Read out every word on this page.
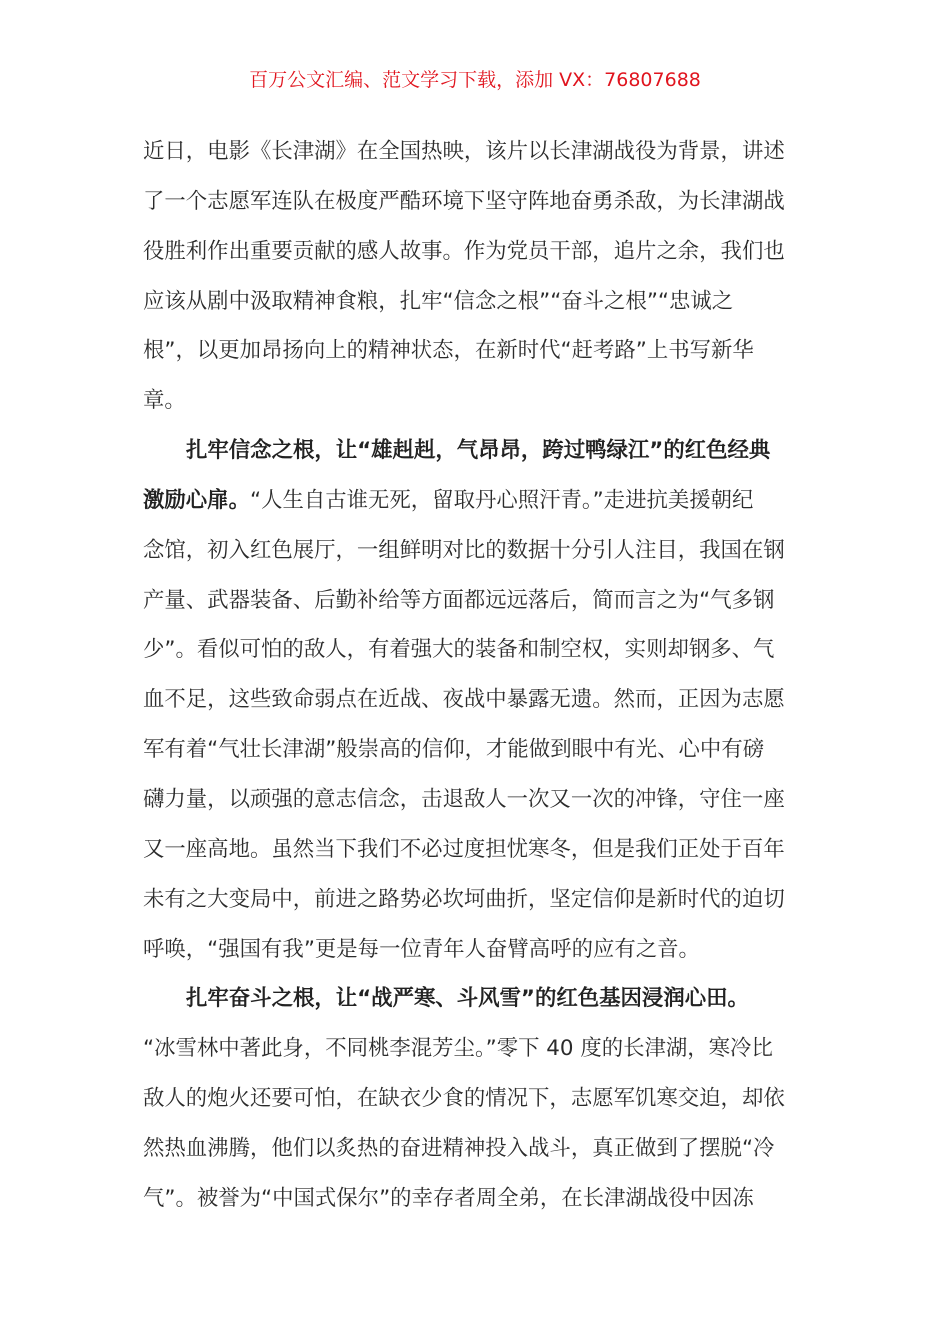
百万公文汇编、范文学习下载，添加 VX：76807688
近日，电影《长津湖》在全国热映，该片以长津湖战役为背景，讲述
了一个志愿军连队在极度严酷环境下坚守阵地奋勇杀敌，为长津湖战
役胜利作出重要贡献的感人故事。作为党员干部，追片之余，我们也
应该从剧中汲取精神食粮，扎牢“信念之根”“奋斗之根”“忠诚之
根”，以更加昂扬向上的精神状态，在新时代“赶考路”上书写新华
章。
扎牢信念之根，让“雄赳赳，气昂昂，跨过鸭绿江”的红色经典
激励心扉。“人生自古谁无死，留取丹心照汗青。”走进抗美援朝纪
念馆，初入红色展厅，一组鲜明对比的数据十分引人注目，我国在钢
产量、武器装备、后勤补给等方面都远远落后，简而言之为“气多钢
少”。看似可怕的敌人，有着强大的装备和制空权，实则却钢多、气
血不足，这些致命弱点在近战、夜战中暴露无遗。然而，正因为志愿
军有着“气壮长津湖”般崇高的信仰，才能做到眼中有光、心中有磅
礴力量，以顽强的意志信念，击退敌人一次又一次的冲锋，守住一座
又一座高地。虽然当下我们不必过度担忧寒冬，但是我们正处于百年
未有之大变局中，前进之路势必坎坷曲折，坚定信仰是新时代的迫切
呼唤，“强国有我”更是每一位青年人奋臂高呼的应有之音。
扎牢奋斗之根，让“战严寒、斗风雪”的红色基因浸润心田。
“冰雪林中著此身，不同桃李混芳尘。”零下 40 度的长津湖，寒冷比
敌人的炮火还要可怕，在缺衣少食的情况下，志愿军饥寒交迫，却依
然热血沸腾，他们以炙热的奋进精神投入战斗，真正做到了摆脱“冷
气”。被誉为“中国式保尔”的幸存者周全弟，在长津湖战役中因冻
